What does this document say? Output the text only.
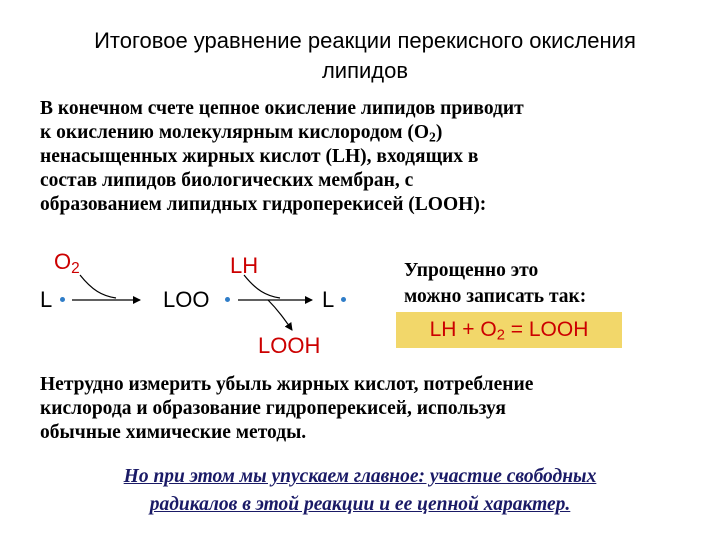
Итоговое уравнение реакции перекисного окисления
липидов
В конечном счете цепное окисление липидов приводит
к окислению молекулярным кислородом $(О_2)$
ненасыщенных жирных кислот (LH), входящих в
состав липидов биологических мембран, с
образованием липидных гидроперекисей (LOOH):
$O_2$	LH
L	LOO	L
LOOH
Упрощенно это
можно записать так:
LH + $O_2$ = LOOH
Нетрудно измерить убыль жирных кислот, потребление
кислорода и образование гидроперекисей, используя
обычные химические методы.
Но при этом мы упускаем главное: участие свободных
радикалов в этой реакции и ее цепной характер.
